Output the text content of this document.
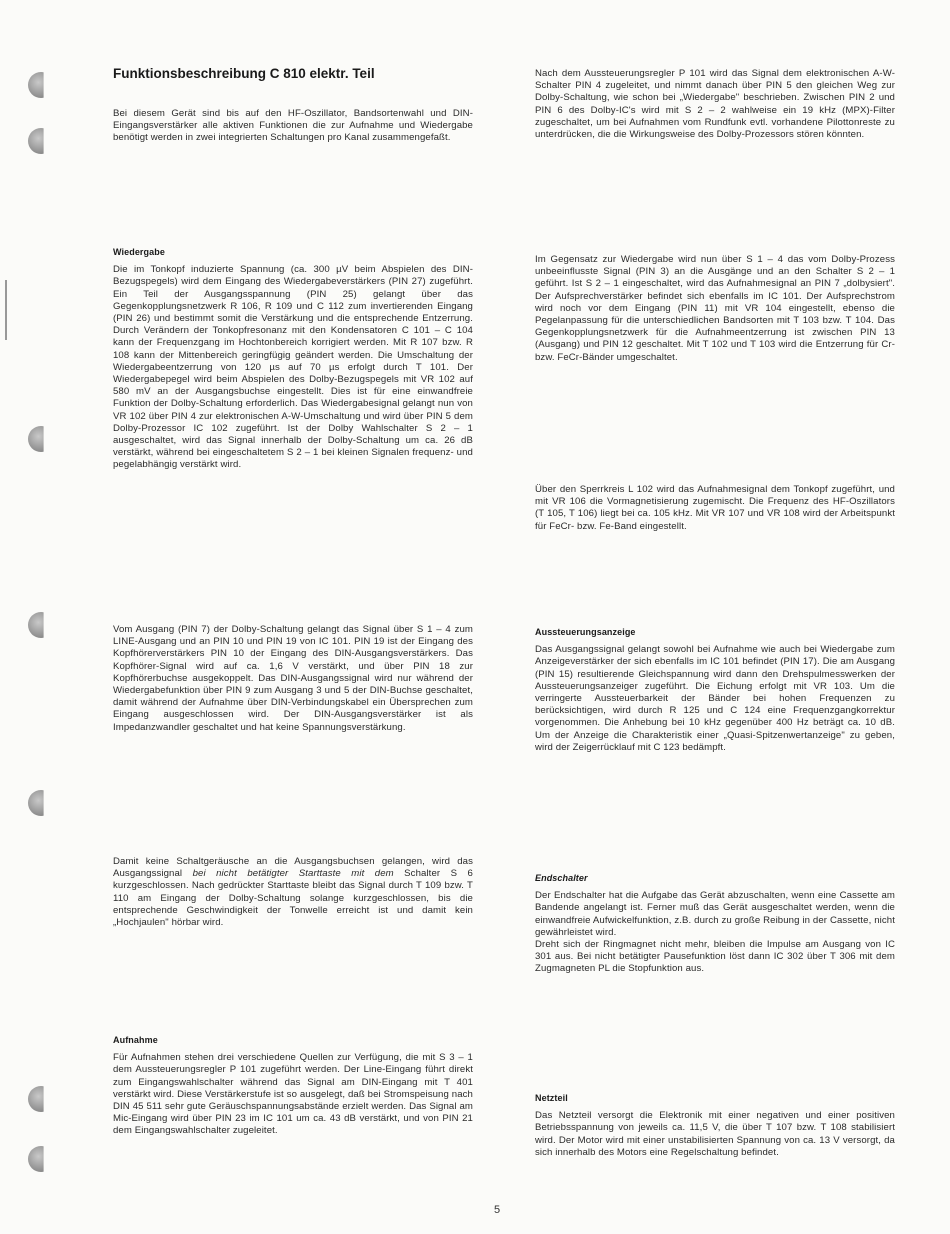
Funktionsbeschreibung C 810 elektr. Teil

Bei diesem Gerät sind bis auf den HF-Oszillator, Bandsortenwahl und DIN-Eingangsverstärker alle aktiven Funktionen die zur Aufnahme und Wiedergabe benötigt werden in zwei integrierten Schaltungen pro Kanal zusammengefaßt.

Wiedergabe

Die im Tonkopf induzierte Spannung (ca. 300 µV beim Abspielen des DIN-Bezugspegels) wird dem Eingang des Wiedergabeverstärkers (PIN 27) zugeführt. Ein Teil der Ausgangsspannung (PIN 25) gelangt über das Gegenkopplungsnetzwerk R 106, R 109 und C 112 zum invertierenden Eingang (PIN 26) und bestimmt somit die Verstärkung und die entsprechende Entzerrung. Durch Verändern der Tonkopfresonanz mit den Kondensatoren C 101 – C 104 kann der Frequenzgang im Hochtonbereich korrigiert werden. Mit R 107 bzw. R 108 kann der Mittenbereich geringfügig geändert werden. Die Umschaltung der Wiedergabeentzerrung von 120 µs auf 70 µs erfolgt durch T 101. Der Wiedergabepegel wird beim Abspielen des Dolby-Bezugspegels mit VR 102 auf 580 mV an der Ausgangsbuchse eingestellt. Dies ist für eine einwandfreie Funktion der Dolby-Schaltung erforderlich. Das Wiedergabesignal gelangt nun von VR 102 über PIN 4 zur elektronischen A-W-Umschaltung und wird über PIN 5 dem Dolby-Prozessor IC 102 zugeführt. Ist der Dolby Wahlschalter S 2 – 1 ausgeschaltet, wird das Signal innerhalb der Dolby-Schaltung um ca. 26 dB verstärkt, während bei eingeschaltetem S 2 – 1 bei kleinen Signalen frequenz- und pegelabhängig verstärkt wird.

Vom Ausgang (PIN 7) der Dolby-Schaltung gelangt das Signal über S 1 – 4 zum LINE-Ausgang und an PIN 10 und PIN 19 von IC 101. PIN 19 ist der Eingang des Kopfhörerverstärkers PIN 10 der Eingang des DIN-Ausgangsverstärkers. Das Kopfhörer-Signal wird auf ca. 1,6 V verstärkt, und über PIN 18 zur Kopfhörerbuchse ausgekoppelt. Das DIN-Ausgangssignal wird nur während der Wiedergabefunktion über PIN 9 zum Ausgang 3 und 5 der DIN-Buchse geschaltet, damit während der Aufnahme über DIN-Verbindungskabel ein Übersprechen zum Eingang ausgeschlossen wird. Der DIN-Ausgangsverstärker ist als Impedanzwandler geschaltet und hat keine Spannungsverstärkung.

Damit keine Schaltgeräusche an die Ausgangsbuchsen gelangen, wird das Ausgangssignal bei nicht betätigter Starttaste mit dem Schalter S 6 kurzgeschlossen. Nach gedrückter Starttaste bleibt das Signal durch T 109 bzw. T 110 am Eingang der Dolby-Schaltung solange kurzgeschlossen, bis die entsprechende Geschwindigkeit der Tonwelle erreicht ist und damit kein „Hochjaulen" hörbar wird.

Aufnahme

Für Aufnahmen stehen drei verschiedene Quellen zur Verfügung, die mit S 3 – 1 dem Aussteuerungsregler P 101 zugeführt werden. Der Line-Eingang führt direkt zum Eingangswahlschalter während das Signal am DIN-Eingang mit T 401 verstärkt wird. Diese Verstärkerstufe ist so ausgelegt, daß bei Stromspeisung nach DIN 45 511 sehr gute Geräuschspannungsabstände erzielt werden. Das Signal am Mic-Eingang wird über PIN 23 im IC 101 um ca. 43 dB verstärkt, und von PIN 21 dem Eingangswahlschalter zugeleitet.

Nach dem Aussteuerungsregler P 101 wird das Signal dem elektronischen A-W-Schalter PIN 4 zugeleitet, und nimmt danach über PIN 5 den gleichen Weg zur Dolby-Schaltung, wie schon bei „Wiedergabe" beschrieben. Zwischen PIN 2 und PIN 6 des Dolby-IC's wird mit S 2 – 2 wahlweise ein 19 kHz (MPX)-Filter zugeschaltet, um bei Aufnahmen vom Rundfunk evtl. vorhandene Pilottonreste zu unterdrücken, die die Wirkungsweise des Dolby-Prozessors stören könnten.

Im Gegensatz zur Wiedergabe wird nun über S 1 – 4 das vom Dolby-Prozess unbeeinflusste Signal (PIN 3) an die Ausgänge und an den Schalter S 2 – 1 geführt. Ist S 2 – 1 eingeschaltet, wird das Aufnahmesignal an PIN 7 „dolbysiert". Der Aufsprechverstärker befindet sich ebenfalls im IC 101. Der Aufsprechstrom wird noch vor dem Eingang (PIN 11) mit VR 104 eingestellt, ebenso die Pegelanpassung für die unterschiedlichen Bandsorten mit T 103 bzw. T 104. Das Gegenkopplungsnetzwerk für die Aufnahmeentzerrung ist zwischen PIN 13 (Ausgang) und PIN 12 geschaltet. Mit T 102 und T 103 wird die Entzerrung für Cr- bzw. FeCr-Bänder umgeschaltet.

Über den Sperrkreis L 102 wird das Aufnahmesignal dem Tonkopf zugeführt, und mit VR 106 die Vormagnetisierung zugemischt. Die Frequenz des HF-Oszillators (T 105, T 106) liegt bei ca. 105 kHz. Mit VR 107 und VR 108 wird der Arbeitspunkt für FeCr- bzw. Fe-Band eingestellt.

Aussteuerungsanzeige

Das Ausgangssignal gelangt sowohl bei Aufnahme wie auch bei Wiedergabe zum Anzeigeverstärker der sich ebenfalls im IC 101 befindet (PIN 17). Die am Ausgang (PIN 15) resultierende Gleichspannung wird dann den Drehspulmesswerken der Aussteuerungsanzeiger zugeführt. Die Eichung erfolgt mit VR 103. Um die verringerte Aussteuerbarkeit der Bänder bei hohen Frequenzen zu berücksichtigen, wird durch R 125 und C 124 eine Frequenzgangkorrektur vorgenommen. Die Anhebung bei 10 kHz gegenüber 400 Hz beträgt ca. 10 dB. Um der Anzeige die Charakteristik einer „Quasi-Spitzenwertanzeige" zu geben, wird der Zeigerrücklauf mit C 123 bedämpft.

Endschalter

Der Endschalter hat die Aufgabe das Gerät abzuschalten, wenn eine Cassette am Bandende angelangt ist. Ferner muß das Gerät ausgeschaltet werden, wenn die einwandfreie Aufwickelfunktion, z.B. durch zu große Reibung in der Cassette, nicht gewährleistet wird.

Dreht sich der Ringmagnet nicht mehr, bleiben die Impulse am Ausgang von IC 301 aus. Bei nicht betätigter Pausefunktion löst dann IC 302 über T 306 mit dem Zugmagneten PL die Stopfunktion aus.

Netzteil

Das Netzteil versorgt die Elektronik mit einer negativen und einer positiven Betriebsspannung von jeweils ca. 11,5 V, die über T 107 bzw. T 108 stabilisiert wird. Der Motor wird mit einer unstabilisierten Spannung von ca. 13 V versorgt, da sich innerhalb des Motors eine Regelschaltung befindet.

5
